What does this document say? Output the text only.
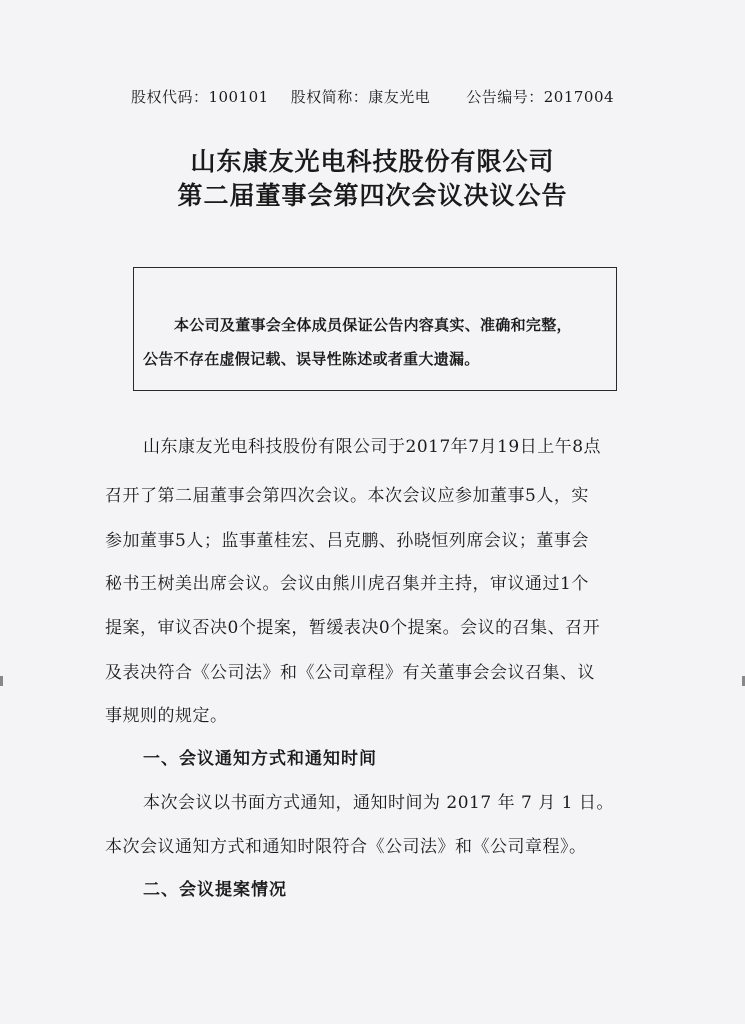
股权代码：100101 股权简称：康友光电 公告编号：2017004
山东康友光电科技股份有限公司
第二届董事会第四次会议决议公告
本公司及董事会全体成员保证公告内容真实、准确和完整，
公告不存在虚假记载、误导性陈述或者重大遗漏。
山东康友光电科技股份有限公司于2017年7月19日上午8点
召开了第二届董事会第四次会议。本次会议应参加董事5人，实
参加董事5人；监事董桂宏、吕克鹏、孙晓恒列席会议；董事会
秘书王树美出席会议。会议由熊川虎召集并主持，审议通过1个
提案，审议否决0个提案，暂缓表决0个提案。会议的召集、召开
及表决符合《公司法》和《公司章程》有关董事会会议召集、议
事规则的规定。
一、会议通知方式和通知时间
本次会议以书面方式通知，通知时间为 2017 年 7 月 1 日。
本次会议通知方式和通知时限符合《公司法》和《公司章程》。
二、会议提案情况
